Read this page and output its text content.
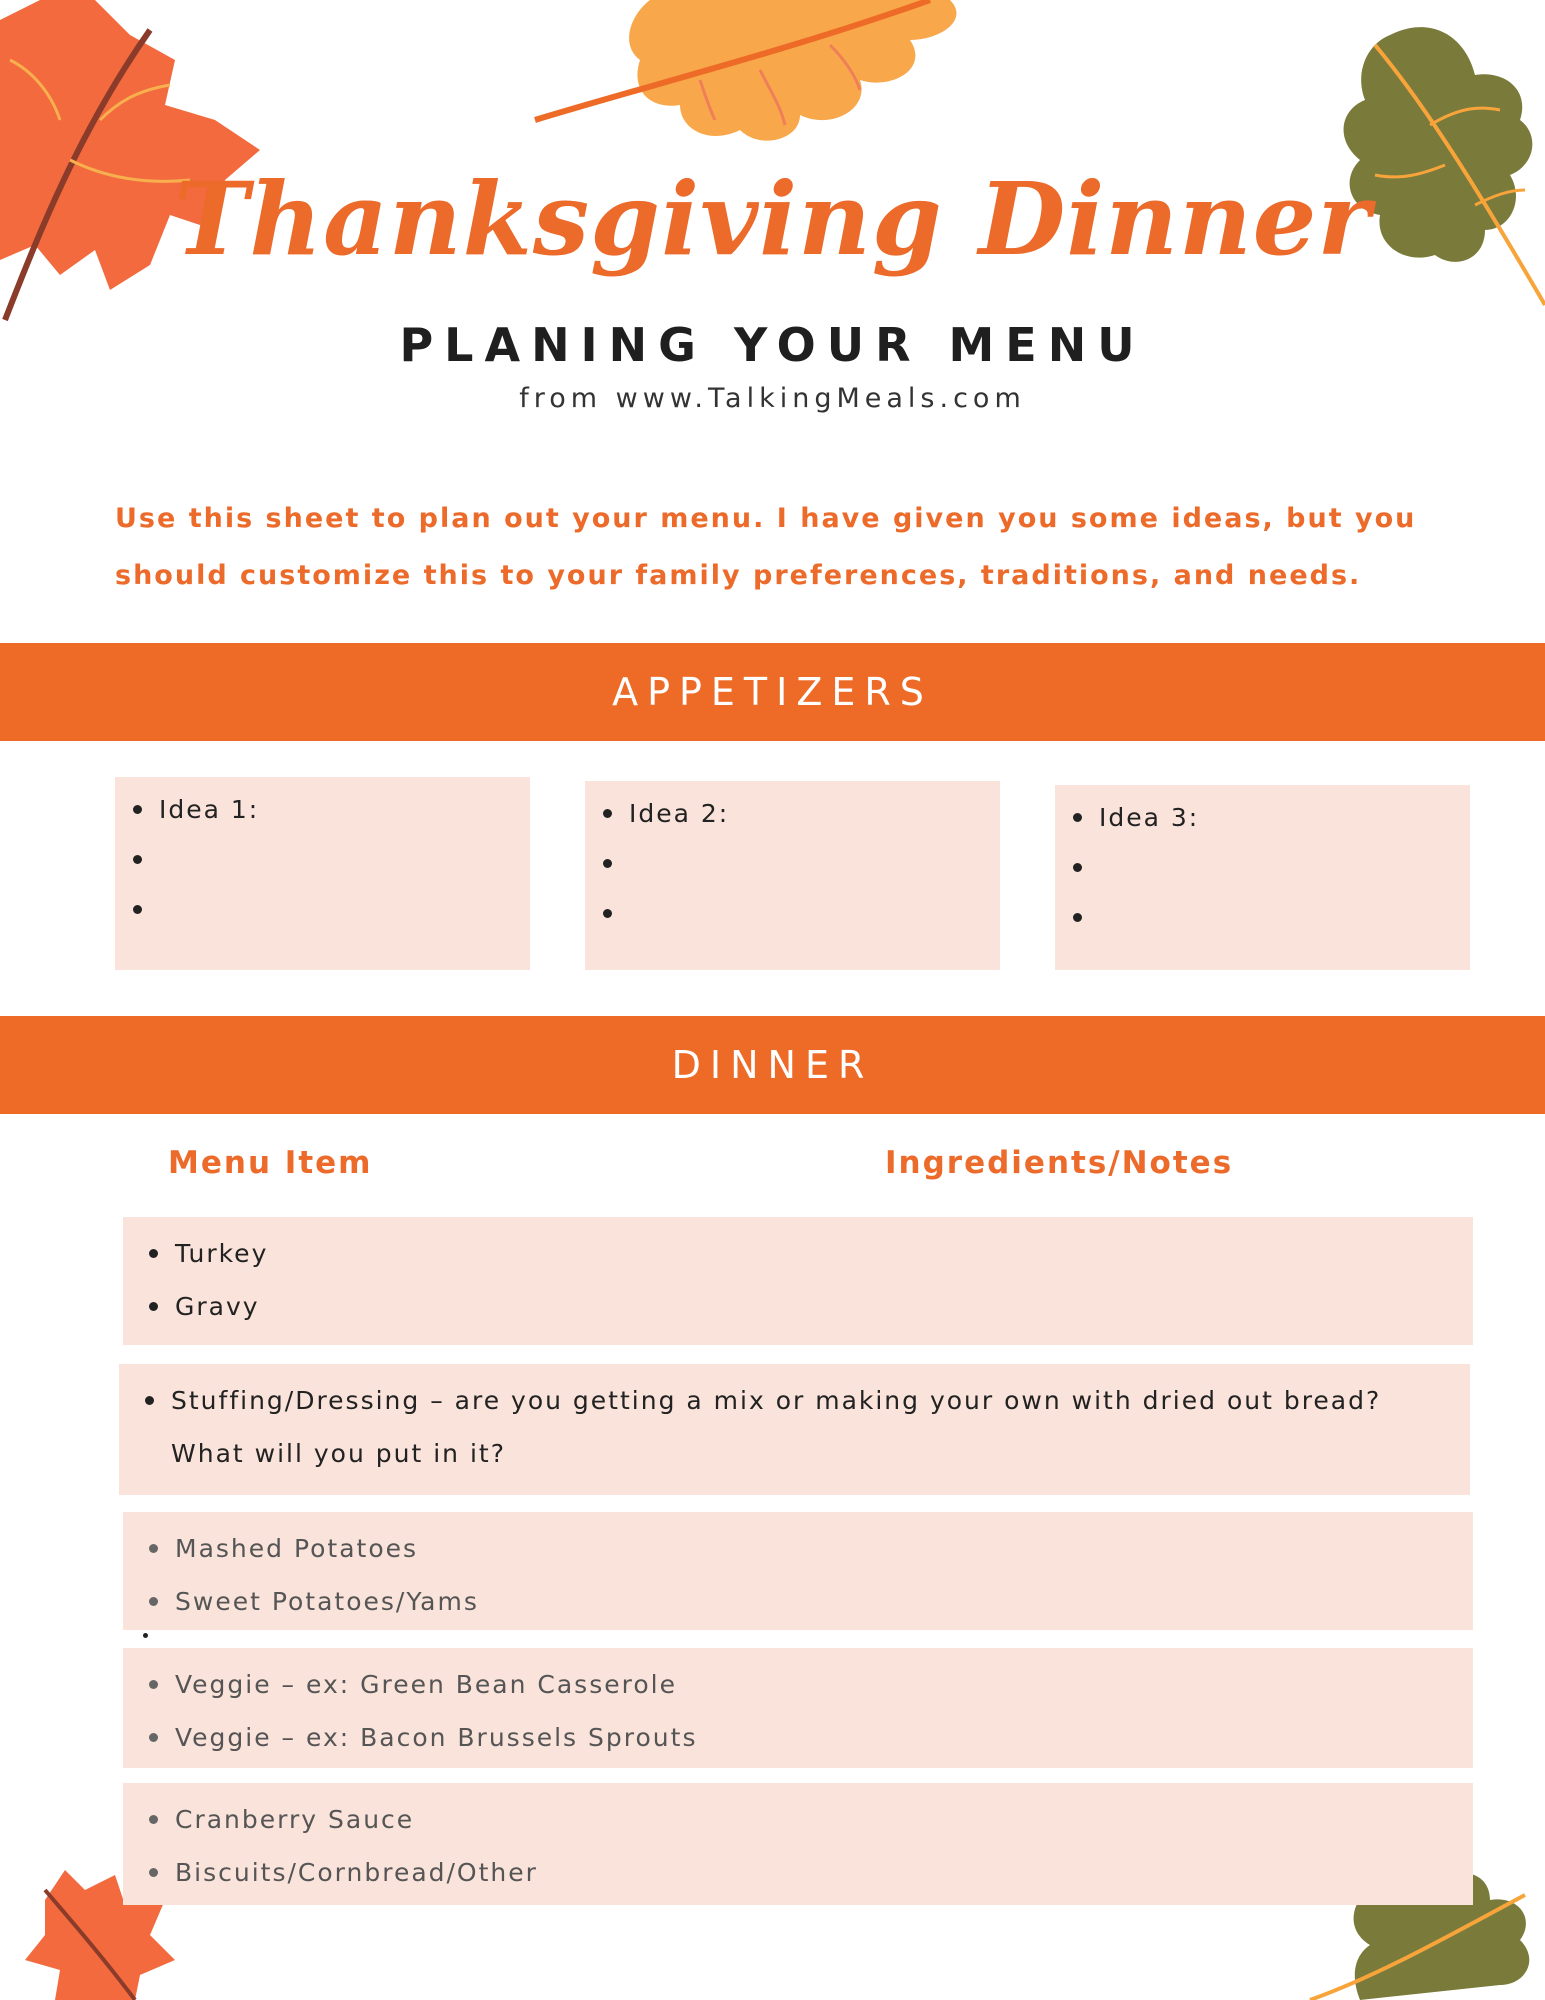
Thanksgiving Dinner
PLANING YOUR MENU
from www.TalkingMeals.com
Use this sheet to plan out your menu. I have given you some ideas, but you should customize this to your family preferences, traditions, and needs.
APPETIZERS
Idea 1:	Idea 2:	Idea 3:
DINNER
Menu Item	Ingredients/Notes
Turkey
Gravy
Stuffing/Dressing – are you getting a mix or making your own with dried out bread? What will you put in it?
Mashed Potatoes
Sweet Potatoes/Yams
Veggie – ex: Green Bean Casserole
Veggie – ex: Bacon Brussels Sprouts
Cranberry Sauce
Biscuits/Cornbread/Other
